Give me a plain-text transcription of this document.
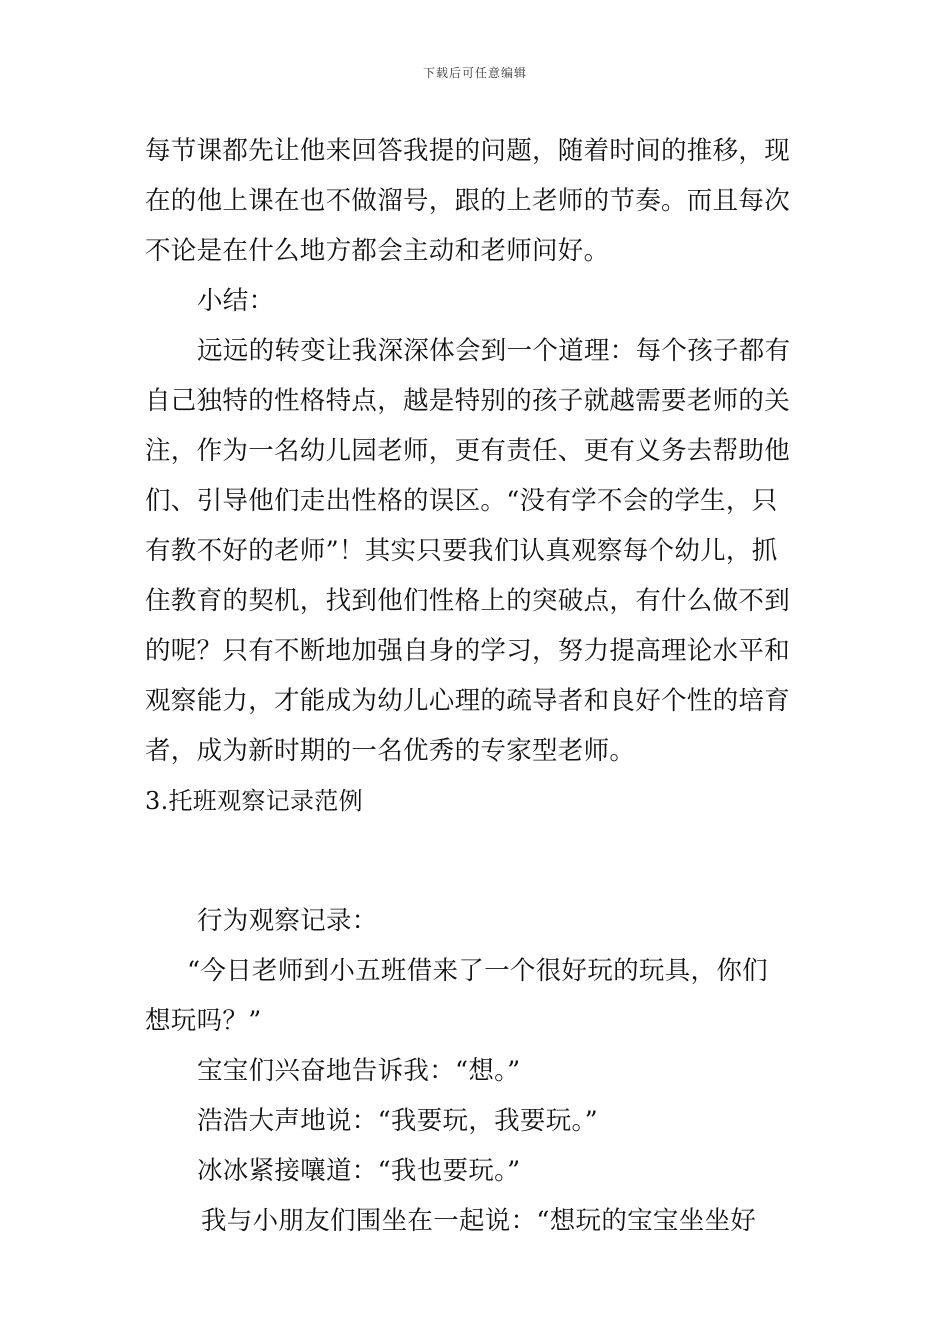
下载后可任意编辑
每节课都先让他来回答我提的问题，随着时间的推移，现
在的他上课在也不做溜号，跟的上老师的节奏。而且每次
不论是在什么地方都会主动和老师问好。
小结：
远远的转变让我深深体会到一个道理：每个孩子都有
自己独特的性格特点，越是特别的孩子就越需要老师的关
注，作为一名幼儿园老师，更有责任、更有义务去帮助他
们、引导他们走出性格的误区。“没有学不会的学生，只
有教不好的老师”！其实只要我们认真观察每个幼儿，抓
住教育的契机，找到他们性格上的突破点，有什么做不到
的呢？只有不断地加强自身的学习，努力提高理论水平和
观察能力，才能成为幼儿心理的疏导者和良好个性的培育
者，成为新时期的一名优秀的专家型老师。
3.托班观察记录范例
行为观察记录：
“今日老师到小五班借来了一个很好玩的玩具，你们
想玩吗？”
宝宝们兴奋地告诉我：“想。”
浩浩大声地说：“我要玩，我要玩。”
冰冰紧接嚷道：“我也要玩。”
我与小朋友们围坐在一起说：“想玩的宝宝坐坐好
